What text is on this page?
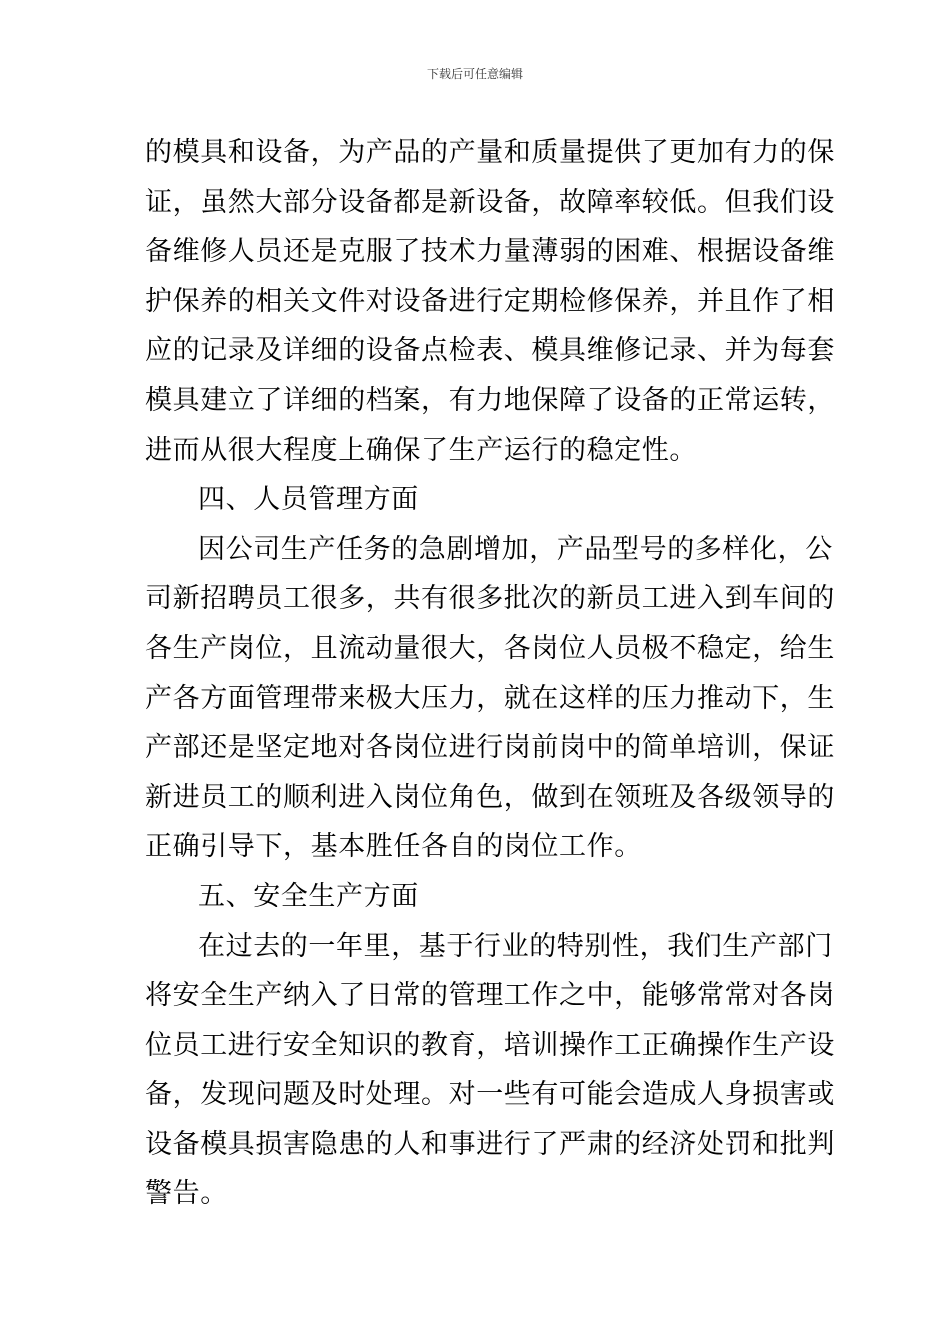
下载后可任意编辑
的模具和设备，为产品的产量和质量提供了更加有力的保
证，虽然大部分设备都是新设备，故障率较低。但我们设
备维修人员还是克服了技术力量薄弱的困难、根据设备维
护保养的相关文件对设备进行定期检修保养，并且作了相
应的记录及详细的设备点检表、模具维修记录、并为每套
模具建立了详细的档案，有力地保障了设备的正常运转，
进而从很大程度上确保了生产运行的稳定性。
四、人员管理方面
因公司生产任务的急剧增加，产品型号的多样化，公
司新招聘员工很多，共有很多批次的新员工进入到车间的
各生产岗位，且流动量很大，各岗位人员极不稳定，给生
产各方面管理带来极大压力，就在这样的压力推动下，生
产部还是坚定地对各岗位进行岗前岗中的简单培训，保证
新进员工的顺利进入岗位角色，做到在领班及各级领导的
正确引导下，基本胜任各自的岗位工作。
五、安全生产方面
在过去的一年里，基于行业的特别性，我们生产部门
将安全生产纳入了日常的管理工作之中，能够常常对各岗
位员工进行安全知识的教育，培训操作工正确操作生产设
备，发现问题及时处理。对一些有可能会造成人身损害或
设备模具损害隐患的人和事进行了严肃的经济处罚和批判
警告。
